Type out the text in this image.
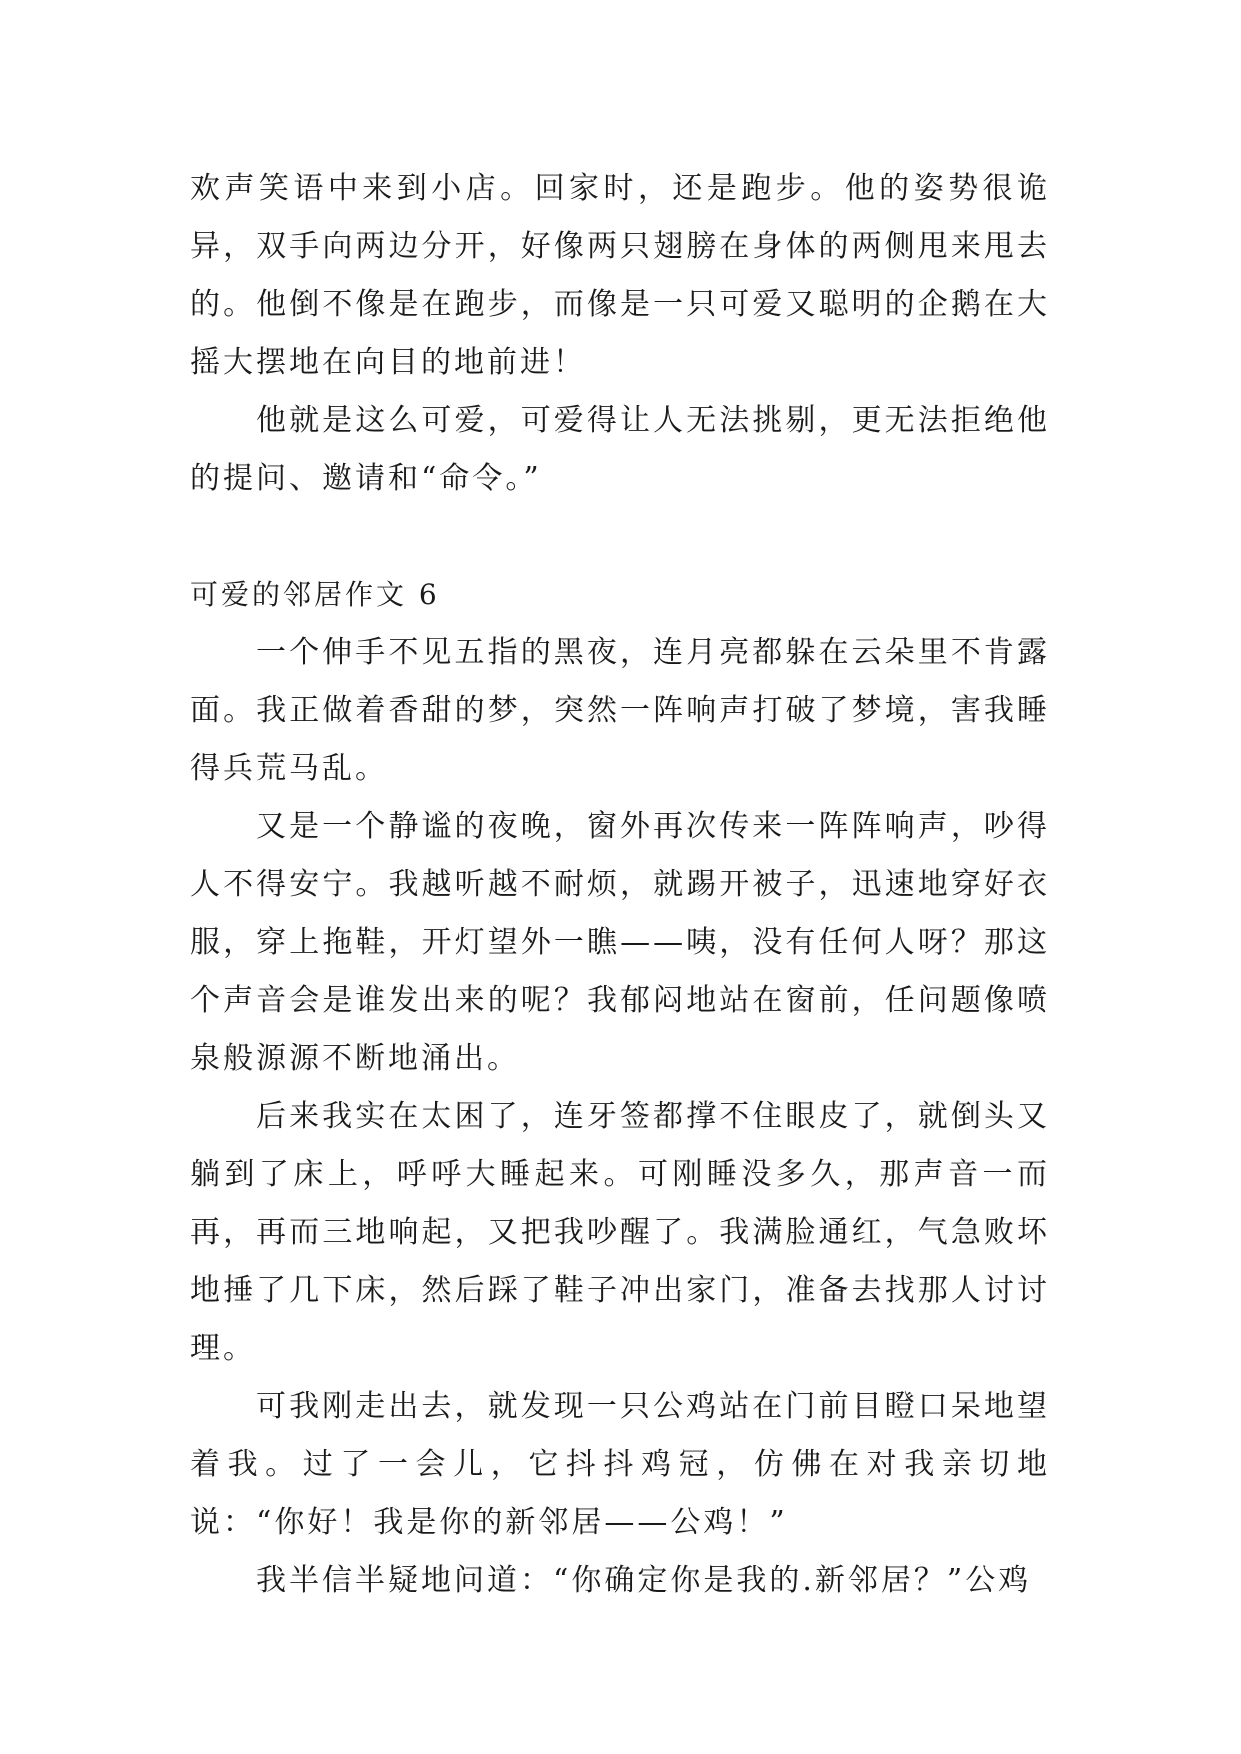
欢声笑语中来到小店。回家时，还是跑步。他的姿势很诡异，双手向两边分开，好像两只翅膀在身体的两侧甩来甩去的。他倒不像是在跑步，而像是一只可爱又聪明的企鹅在大摇大摆地在向目的地前进！

他就是这么可爱，可爱得让人无法挑剔，更无法拒绝他的提问、邀请和“命令。”

可爱的邻居作文 6

一个伸手不见五指的黑夜，连月亮都躲在云朵里不肯露面。我正做着香甜的梦，突然一阵响声打破了梦境，害我睡得兵荒马乱。

又是一个静谧的夜晚，窗外再次传来一阵阵响声，吵得人不得安宁。我越听越不耐烦，就踢开被子，迅速地穿好衣服，穿上拖鞋，开灯望外一瞧——咦，没有任何人呀？那这个声音会是谁发出来的呢？我郁闷地站在窗前，任问题像喷泉般源源不断地涌出。

后来我实在太困了，连牙签都撑不住眼皮了，就倒头又躺到了床上，呼呼大睡起来。可刚睡没多久，那声音一而再，再而三地响起，又把我吵醒了。我满脸通红，气急败坏地捶了几下床，然后踩了鞋子冲出家门，准备去找那人讨讨理。

可我刚走出去，就发现一只公鸡站在门前目瞪口呆地望着我。过了一会儿，它抖抖鸡冠，仿佛在对我亲切地说：“你好！我是你的新邻居——公鸡！”

我半信半疑地问道：“你确定你是我的.新邻居？”公鸡
